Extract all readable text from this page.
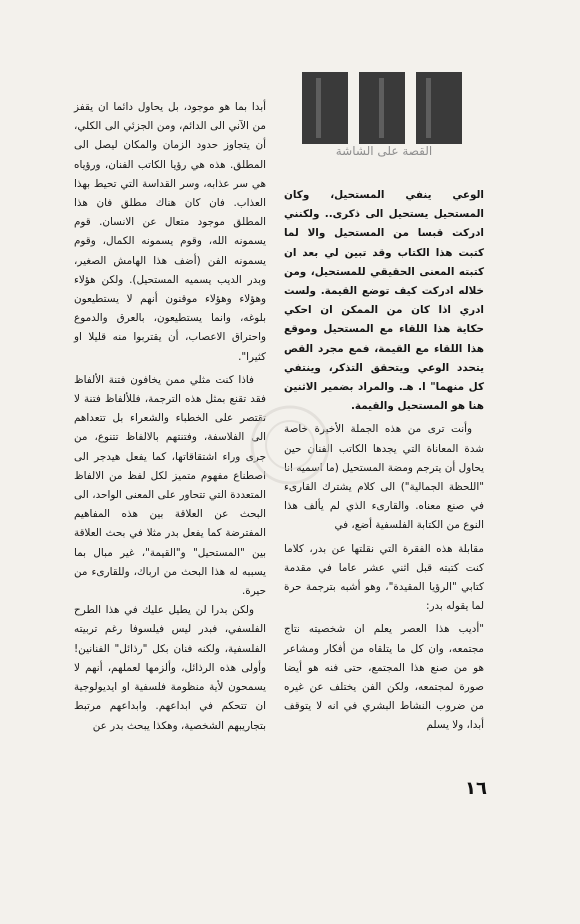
القصة على الشاشة

الوعي ينفي المستحيل، وكان المستحيل يستحيل الى ذكرى.. ولكنني ادركت قبسا من المستحيل والا لما كتبت هذا الكتاب وقد تبين لي بعد ان كتبته المعنى الحقيقي للمستحيل، ومن خلاله ادركت كيف توضع القيمة. ولست ادري اذا كان من الممكن ان احكي حكاية هذا اللقاء مع المستحيل وموقع هذا اللقاء مع القيمة، فمع مجرد القص يتحدد الوعي ويتحقق التذكر، وينتفي كل منهما" ا. هـ. والمراد بضمير الاثنين هنا هو المستحيل والقيمة.

وأنت ترى من هذه الجملة الأخيرة خاصة شدة المعاناة التي يجدها الكاتب الفنان حين يحاول أن يترجم ومضة المستحيل (ما اسميه انا "اللحظة الجمالية") الى كلام يشترك القارىء في صنع معناه. والقارىء الذي لم يألف هذا النوع من الكتابة الفلسفية أضع، في

مقابلة هذه الفقرة التي نقلتها عن بدر، كلاما كنت كتبته قبل اثني عشر عاما في مقدمة كتابي "الرؤيا المقيدة"، وهو أشبه بترجمة حرة لما يقوله بدر:

"أديب هذا العصر يعلم ان شخصيته نتاج مجتمعه، وان كل ما يتلقاه من أفكار ومشاعر هو من صنع هذا المجتمع، حتى فنه هو أيضا صورة لمجتمعه، ولكن الفن يختلف عن غيره من ضروب النشاط البشري في انه لا يتوقف أبدا، ولا يسلم

أبدا بما هو موجود، بل يحاول دائما ان يقفز من الآني الى الدائم، ومن الجزئي الى الكلي، أن يتجاوز حدود الزمان والمكان ليصل الى المطلق. هذه هي رؤيا الكاتب الفنان، ورؤياه هي سر عذابه، وسر القداسة التي تحيط بهذا العذاب. فان كان هناك مطلق فان هذا المطلق موجود متعال عن الانسان. قوم يسمونه الله، وقوم يسمونه الكمال، وقوم يسمونه الفن (أضف هذا الهامش الصغير، وبدر الديب يسميه المستحيل). ولكن هؤلاء وهؤلاء وهؤلاء موقنون أنهم لا يستطيعون بلوغه، وانما يستطيعون، بالعرق والدموع واحتراق الاعصاب، أن يقتربوا منه قليلا او كثيرا".

فاذا كنت مثلي ممن يخافون فتنة الألفاظ فقد تقنع بمثل هذه الترجمة، فللألفاظ فتنة لا تقتصر على الخطباء والشعراء بل تتعداهم الى الفلاسفة، وفتنتهم بالالفاظ تتنوع، من جرى وراء اشتقاقاتها، كما يفعل هيدجر الى اصطناع مفهوم متميز لكل لفظ من الالفاظ المتعددة التي تتحاور على المعنى الواحد، الى البحث عن العلاقة بين هذه المفاهيم المفترضة كما يفعل بدر مثلا في بحث العلاقة بين "المستحيل" و"القيمة"، غير مبال بما يسببه له هذا البحث من ارباك، وللقارىء من حيرة.

ولكن بدرا لن يطيل عليك في هذا الطرح الفلسفي، فبدر ليس فيلسوفا رغم تربيته الفلسفية، ولكنه فنان بكل "رذائل" الفنانين! وأولى هذه الرذائل، وألزمها لعملهم، أنهم لا يسمحون لأية منظومة فلسفية او ايديولوجية ان تتحكم في ابداعهم. وابداعهم مرتبط بتجاريبهم الشخصية، وهكذا يبحث بدر عن

١٦
